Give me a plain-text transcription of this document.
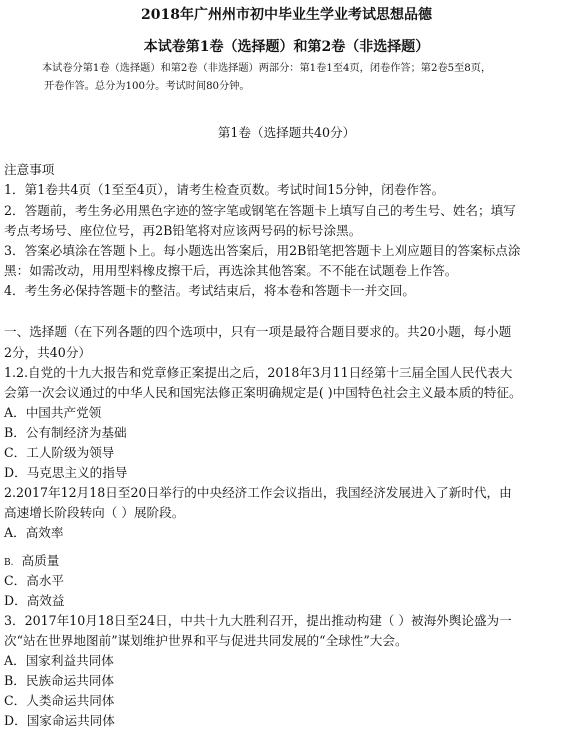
2018年广州州市初中毕业生学业考试思想品德
本试卷第1卷（选择题）和第2卷（非选择题）
本试卷分第1卷（选择题）和第2卷（非选择题）两部分：第1卷1至4页，闭卷作答；第2卷5至8页，
开卷作答。总分为100分。考试时间80分钟。
第1卷（选择题共40分）
注意事项
1．第1卷共4页（1至至4页），请考生检查页数。考试时间15分钟，闭卷作答。
2．答题前，考生务必用黑色字迹的签字笔或钢笔在答题卡上填写自己的考生号、姓名；填写
考点考场号、座位位号，再2B铅笔将对应该两号码的标号涂黑。
3．答案必填涂在答题卜上。每小题选出答案后，用2B铅笔把答题卡上刈应题目的答案标点涂
黑：如需改动，用用型料橡皮擦干后，再选涂其他答案。不不能在试题卷上作答。
4．考生务必保持答题卡的整洁。考试结束后，将本卷和答题卡一并交回。
一、选择题（在下列各题的四个选项中，只有一项是最符合题目要求的。共20小题，每小题
2分，共40分）
1.2.自党的十九大报告和党章修正案提出之后，2018年3月11日经第十三届全国人民代表大
会第一次会议通过的中华人民和国宪法修正案明确规定是( )中国特色社会主义最本质的特征。
A．中国共产党领
B．公有制经济为基础
C．工人阶级为领导
D．马克思主义的指导
2.2017年12月18日至20日举行的中央经济工作会议指出，我国经济发展进入了新时代，由
高速增长阶段转向（ ）展阶段。
A．高效率
B. 高质量
C．高水平
D．高效益
3．2017年10月18日至24日，中共十九大胜利召开，提出推动构建（ ）被海外舆论盛为一
次“站在世界地图前”谋划维护世界和平与促进共同发展的“全球性”大会。
A．国家利益共同体
B．民族命运共同体
C．人类命运共同体
D．国家命运共同体
